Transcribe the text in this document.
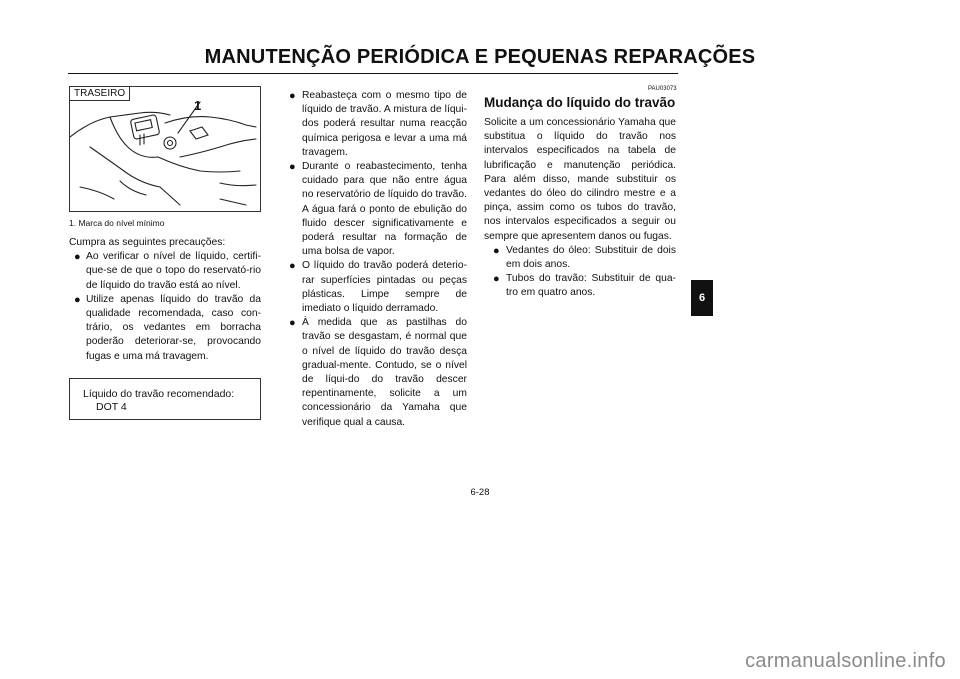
MANUTENÇÃO PERIÓDICA E PEQUENAS REPARAÇÕES
TRASEIRO
1
1. Marca do nível mínimo

Cumpra as seguintes precauções:

● Ao verificar o nível de líquido, certifi-que-se de que o topo do reservató-rio de líquido do travão está ao nível.

● Utilize apenas líquido do travão da qualidade recomendada, caso con-trário, os vedantes em borracha poderão deteriorar-se, provocando fugas e uma má travagem.

Líquido do travão recomendado:
DOT 4

● Reabasteça com o mesmo tipo de líquido de travão. A mistura de líqui-dos poderá resultar numa reacção química perigosa e levar a uma má travagem.

● Durante o reabastecimento, tenha cuidado para que não entre água no reservatório de líquido do travão. A água fará o ponto de ebulição do fluido descer significativamente e poderá resultar na formação de uma bolsa de vapor.

● O líquido do travão poderá deterio-rar superfícies pintadas ou peças plásticas. Limpe sempre de imediato o líquido derramado.

● À medida que as pastilhas do travão se desgastam, é normal que o nível de líquido do travão desça gradual-mente. Contudo, se o nível de líqui-do do travão descer repentinamente, solicite a um concessionário da Yamaha que verifique qual a causa.

PAU03073
Mudança do líquido do travão

Solicite a um concessionário Yamaha que substitua o líquido do travão nos intervalos especificados na tabela de lubrificação e manutenção periódica. Para além disso, mande substituir os vedantes do óleo do cilindro mestre e a pinça, assim como os tubos do travão, nos intervalos especificados a seguir ou sempre que apresentem danos ou fugas.

● Vedantes do óleo: Substituir de dois em dois anos.

● Tubos do travão: Substituir de qua-tro em quatro anos.

6-28
6
carmanualsonline.info
